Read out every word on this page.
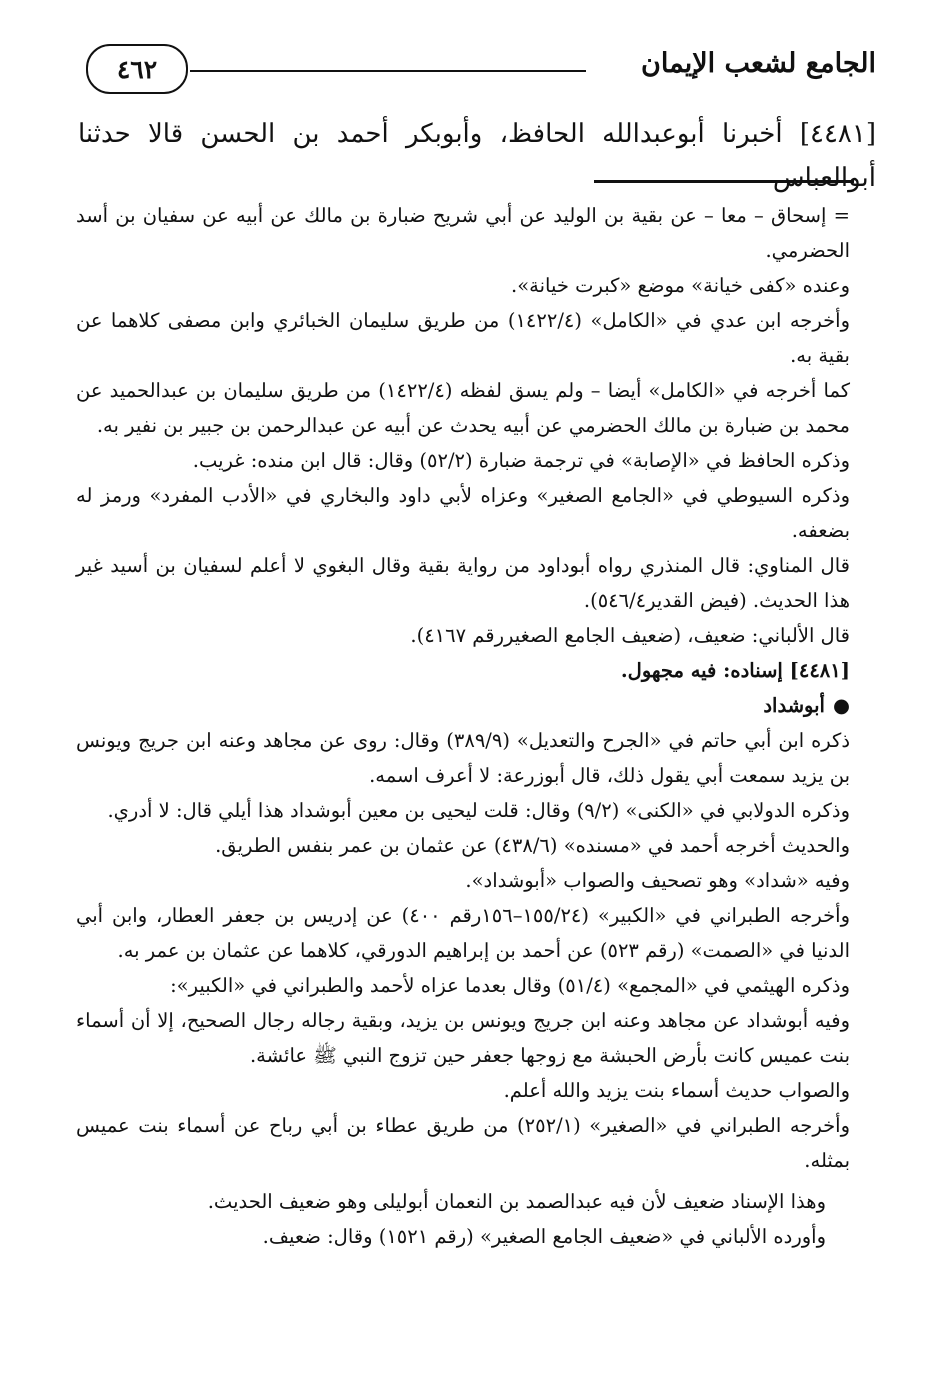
الجامع لشعب الإيمان
٤٦٢
[٤٤٨١] أخبرنا أبوعبدالله الحافظ، وأبوبكر أحمد بن الحسن قالا حدثنا أبوالعباس
= إسحاق – معا – عن بقية بن الوليد عن أبي شريح ضبارة بن مالك عن أبيه عن سفيان بن أسد الحضرمي.
وعنده «كفى خيانة» موضع «كبرت خيانة».
وأخرجه ابن عدي في «الكامل» (١٤٢٢/٤) من طريق سليمان الخبائري وابن مصفى كلاهما عن بقية به.
كما أخرجه في «الكامل» أيضا – ولم يسق لفظه (١٤٢٢/٤) من طريق سليمان بن عبدالحميد عن محمد بن ضبارة بن مالك الحضرمي عن أبيه يحدث عن أبيه عن عبدالرحمن بن جبير بن نفير به.
وذكره الحافظ في «الإصابة» في ترجمة ضبارة (٥٢/٢) وقال: قال ابن منده: غريب.
وذكره السيوطي في «الجامع الصغير» وعزاه لأبي داود والبخاري في «الأدب المفرد» ورمز له بضعفه.
قال المناوي: قال المنذري رواه أبوداود من رواية بقية وقال البغوي لا أعلم لسفيان بن أسيد غير هذا الحديث. (فيض القدير٥٤٦/٤).
قال الألباني: ضعيف، (ضعيف الجامع الصغيررقم ٤١٦٧).
[٤٤٨١] إسناده: فيه مجهول.
●أبوشداد
ذكره ابن أبي حاتم في «الجرح والتعديل» (٣٨٩/٩) وقال: روى عن مجاهد وعنه ابن جريج ويونس بن يزيد سمعت أبي يقول ذلك، قال أبوزرعة: لا أعرف اسمه.
وذكره الدولابي في «الكنى» (٩/٢) وقال: قلت ليحيى بن معين أبوشداد هذا أيلي قال: لا أدري.
والحديث أخرجه أحمد في «مسنده» (٤٣٨/٦) عن عثمان بن عمر بنفس الطريق.
وفيه «شداد» وهو تصحيف والصواب «أبوشداد».
وأخرجه الطبراني في «الكبير» (١٥٥/٢٤–١٥٦رقم ٤٠٠) عن إدريس بن جعفر العطار، وابن أبي الدنيا في «الصمت» (رقم ٥٢٣) عن أحمد بن إبراهيم الدورقي، كلاهما عن عثمان بن عمر به.
وذكره الهيثمي في «المجمع» (٥١/٤) وقال بعدما عزاه لأحمد والطبراني في «الكبير»:
وفيه أبوشداد عن مجاهد وعنه ابن جريج ويونس بن يزيد، وبقية رجاله رجال الصحيح، إلا أن أسماء بنت عميس كانت بأرض الحبشة مع زوجها جعفر حين تزوج النبي ﷺ عائشة.
والصواب حديث أسماء بنت يزيد والله أعلم.
وأخرجه الطبراني في «الصغير» (٢٥٢/١) من طريق عطاء بن أبي رباح عن أسماء بنت عميس بمثله.
وهذا الإسناد ضعيف لأن فيه عبدالصمد بن النعمان أبوليلى وهو ضعيف الحديث.
وأورده الألباني في «ضعيف الجامع الصغير» (رقم ١٥٢١) وقال: ضعيف.
